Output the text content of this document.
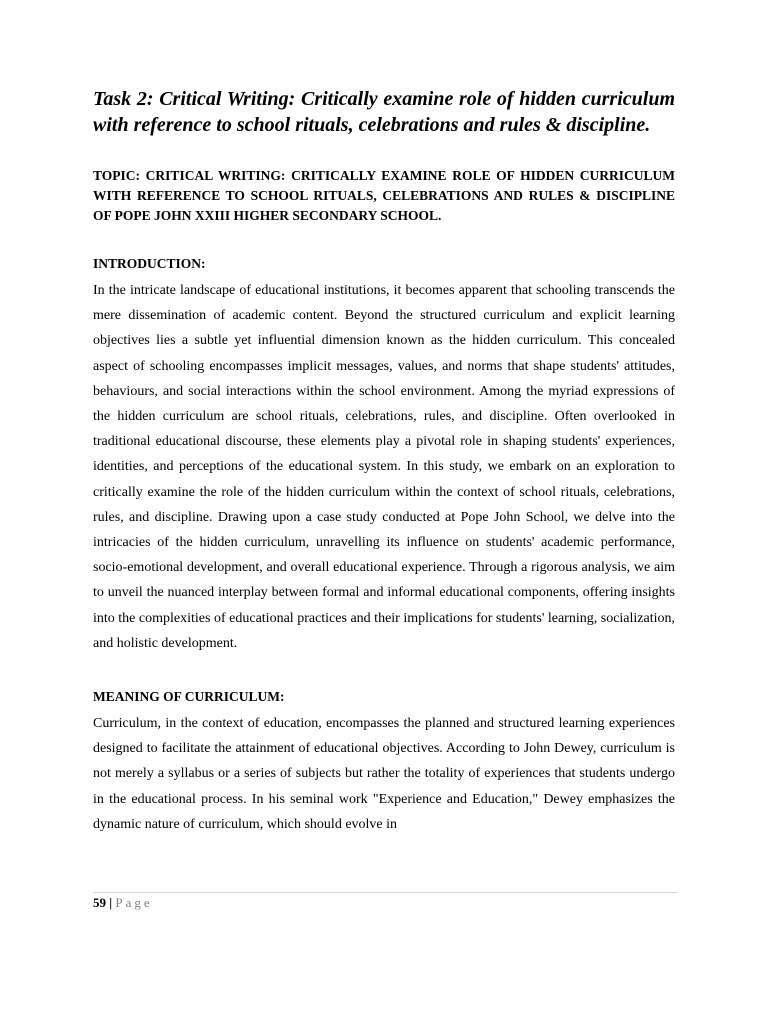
Task 2: Critical Writing: Critically examine role of hidden curriculum with reference to school rituals, celebrations and rules & discipline.

TOPIC: CRITICAL WRITING: CRITICALLY EXAMINE ROLE OF HIDDEN CURRICULUM WITH REFERENCE TO SCHOOL RITUALS, CELEBRATIONS AND RULES & DISCIPLINE OF POPE JOHN XXIII HIGHER SECONDARY SCHOOL.

INTRODUCTION:

In the intricate landscape of educational institutions, it becomes apparent that schooling transcends the mere dissemination of academic content. Beyond the structured curriculum and explicit learning objectives lies a subtle yet influential dimension known as the hidden curriculum. This concealed aspect of schooling encompasses implicit messages, values, and norms that shape students' attitudes, behaviours, and social interactions within the school environment. Among the myriad expressions of the hidden curriculum are school rituals, celebrations, rules, and discipline. Often overlooked in traditional educational discourse, these elements play a pivotal role in shaping students' experiences, identities, and perceptions of the educational system. In this study, we embark on an exploration to critically examine the role of the hidden curriculum within the context of school rituals, celebrations, rules, and discipline. Drawing upon a case study conducted at Pope John School, we delve into the intricacies of the hidden curriculum, unravelling its influence on students' academic performance, socio-emotional development, and overall educational experience. Through a rigorous analysis, we aim to unveil the nuanced interplay between formal and informal educational components, offering insights into the complexities of educational practices and their implications for students' learning, socialization, and holistic development.

MEANING OF CURRICULUM:

Curriculum, in the context of education, encompasses the planned and structured learning experiences designed to facilitate the attainment of educational objectives. According to John Dewey, curriculum is not merely a syllabus or a series of subjects but rather the totality of experiences that students undergo in the educational process. In his seminal work "Experience and Education," Dewey emphasizes the dynamic nature of curriculum, which should evolve in

59 | Page
